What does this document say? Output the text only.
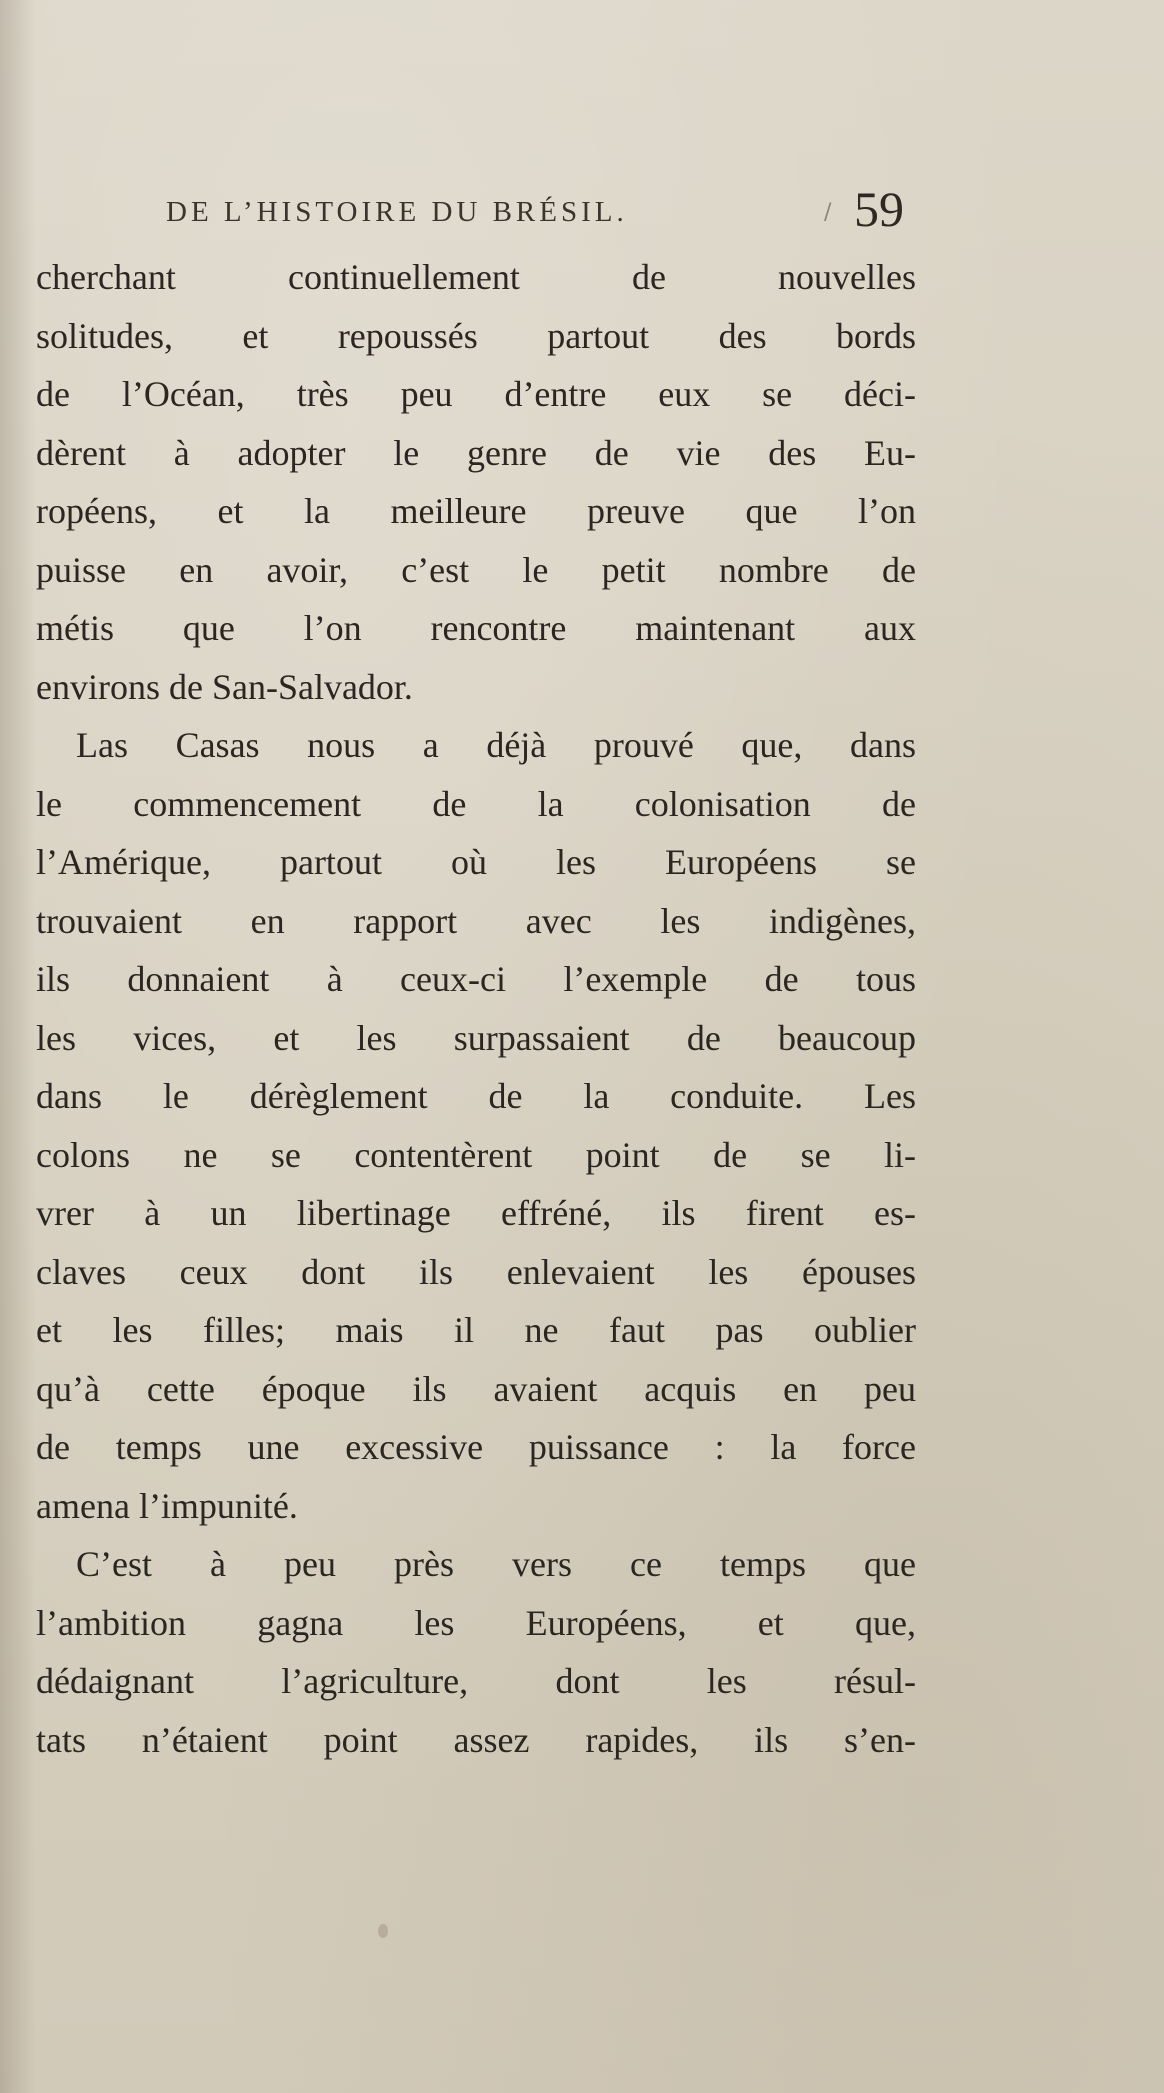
DE L’HISTOIRE DU BRÉSIL.	/ 59
cherchant continuellement de nouvelles
solitudes, et repoussés partout des bords
de l’Océan, très peu d’entre eux se déci-
dèrent à adopter le genre de vie des Eu-
ropéens, et la meilleure preuve que l’on
puisse en avoir, c’est le petit nombre de
métis que l’on rencontre maintenant aux
environs de San-Salvador.
Las Casas nous a déjà prouvé que, dans
le commencement de la colonisation de
l’Amérique, partout où les Européens se
trouvaient en rapport avec les indigènes,
ils donnaient à ceux-ci l’exemple de tous
les vices, et les surpassaient de beaucoup
dans le dérèglement de la conduite. Les
colons ne se contentèrent point de se li-
vrer à un libertinage effréné, ils firent es-
claves ceux dont ils enlevaient les épouses
et les filles; mais il ne faut pas oublier
qu’à cette époque ils avaient acquis en peu
de temps une excessive puissance : la force
amena l’impunité.
C’est à peu près vers ce temps que
l’ambition gagna les Européens, et que,
dédaignant l’agriculture, dont les résul-
tats n’étaient point assez rapides, ils s’en-
